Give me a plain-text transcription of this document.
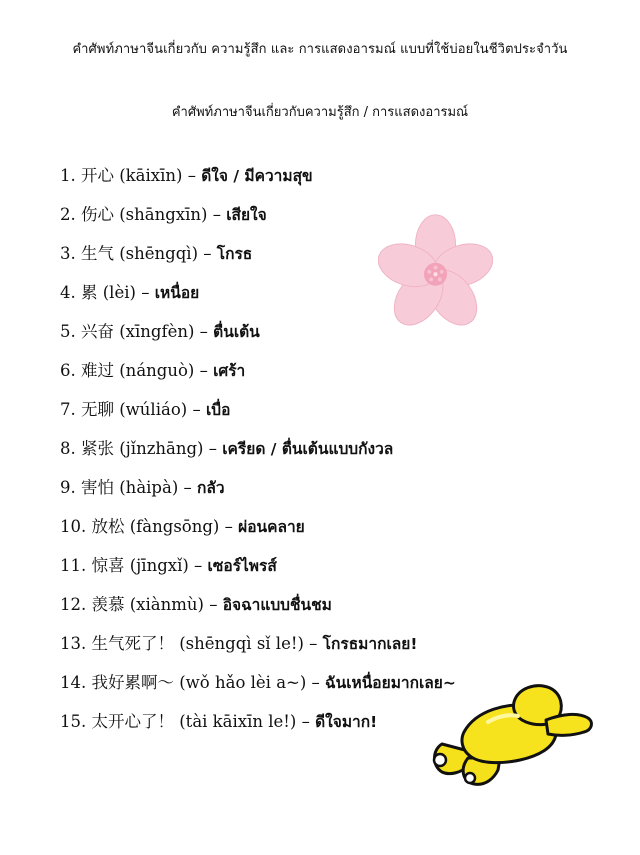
คำศัพท์ภาษาจีนเกี่ยวกับ ความรู้สึก และ การแสดงอารมณ์ แบบที่ใช้บ่อยในชีวิตประจำวัน
คำศัพท์ภาษาจีนเกี่ยวกับความรู้สึก / การแสดงอารมณ์
1. 开心 (kāixīn) – ดีใจ / มีความสุข
2. 伤心 (shāngxīn) – เสียใจ
3. 生气 (shēngqì) – โกรธ
4. 累 (lèi) – เหนื่อย
5. 兴奋 (xīngfèn) – ตื่นเต้น
6. 难过 (nánguò) – เศร้า
7. 无聊 (wúliáo) – เบื่อ
8. 紧张 (jǐnzhāng) – เครียด / ตื่นเต้นแบบกังวล
9. 害怕 (hàipà) – กลัว
10. 放松 (fàngsōng) – ผ่อนคลาย
11. 惊喜 (jīngxǐ) – เซอร์ไพรส์
12. 羡慕 (xiànmù) – อิจฉาแบบชื่นชม
13. 生气死了！ (shēngqì sǐ le!) – โกรธมากเลย!
14. 我好累啊～ (wǒ hǎo lèi a~) – ฉันเหนื่อยมากเลย~
15. 太开心了！ (tài kāixīn le!) – ดีใจมาก!
